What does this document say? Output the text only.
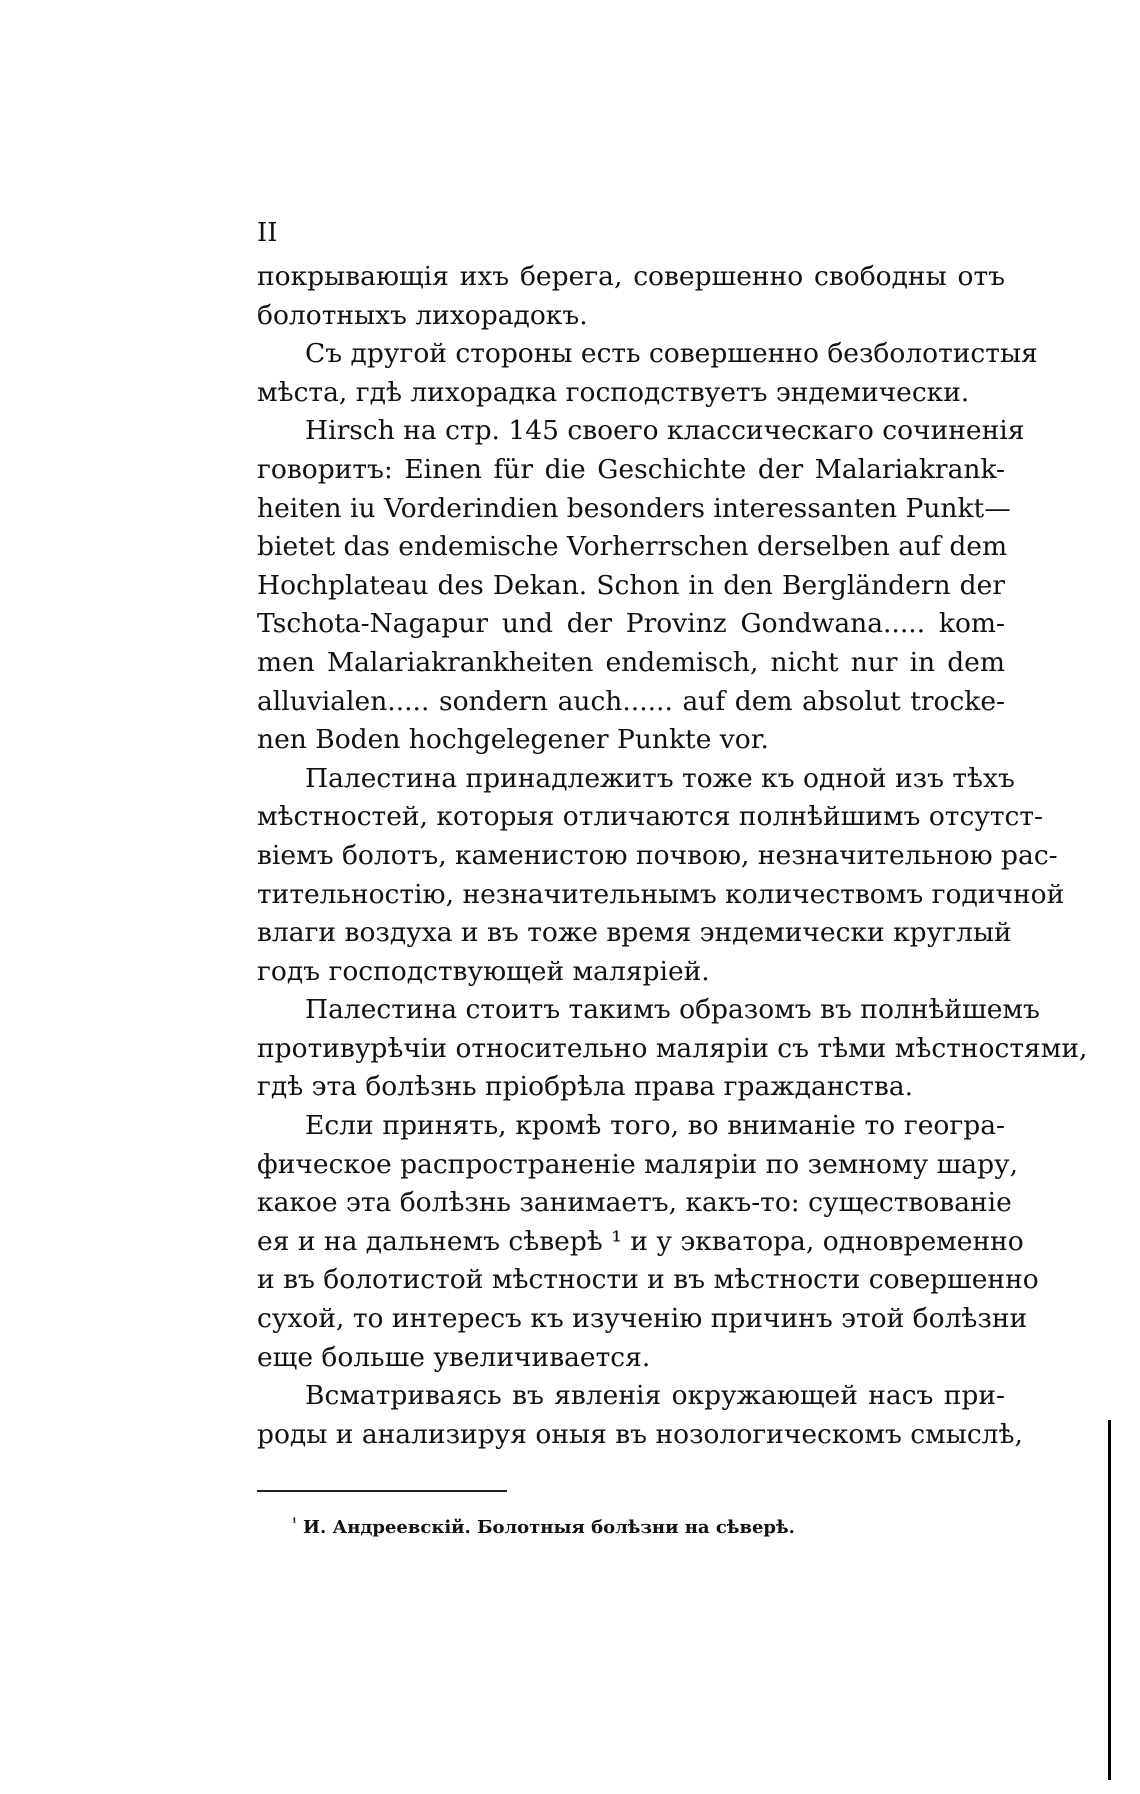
II
покрывающія ихъ берега, совершенно свободны отъ
болотныхъ лихорадокъ.
Съ другой стороны есть совершенно безболотистыя
мѣста, гдѣ лихорадка господствуетъ эндемически.
Hirsch на стр. 145 своего классическаго сочиненія
говоритъ: Einen für die Geschichte der Malariakrank-
heiten iu Vorderindien besonders interessanten Punkt—
bietet das endemische Vorherrschen derselben auf dem
Hochplateau des Dekan. Schon in den Bergländern der
Tschota-Nagapur und der Provinz Gondwana..... kom-
men Malariakrankheiten endemisch, nicht nur in dem
alluvialen..... sondern auch...... auf dem absolut trocke-
nen Boden hochgelegener Punkte vor.
Палестина принадлежитъ тоже къ одной изъ тѣхъ
мѣстностей, которыя отличаются полнѣйшимъ отсутст-
віемъ болотъ, каменистою почвою, незначительною рас-
тительностію, незначительнымъ количествомъ годичной
влаги воздуха и въ тоже время эндемически круглый
годъ господствующей маляріей.
Палестина стоитъ такимъ образомъ въ полнѣйшемъ
противурѣчіи относительно маляріи съ тѣми мѣстностями,
гдѣ эта болѣзнь пріобрѣла права гражданства.
Если принять, кромѣ того, во вниманіе то геогра-
фическое распространеніе маляріи по земному шару,
какое эта болѣзнь занимаетъ, какъ-то: существованіе
ея и на дальнемъ сѣверѣ ¹ и у экватора, одновременно
и въ болотистой мѣстности и въ мѣстности совершенно
сухой, то интересъ къ изученію причинъ этой болѣзни
еще больше увеличивается.
Всматриваясь въ явленія окружающей насъ при-
роды и анализируя оныя въ нозологическомъ смыслѣ,
$^{^1}$ И. Андреевскій. Болотныя болѣзни на сѣверѣ.
